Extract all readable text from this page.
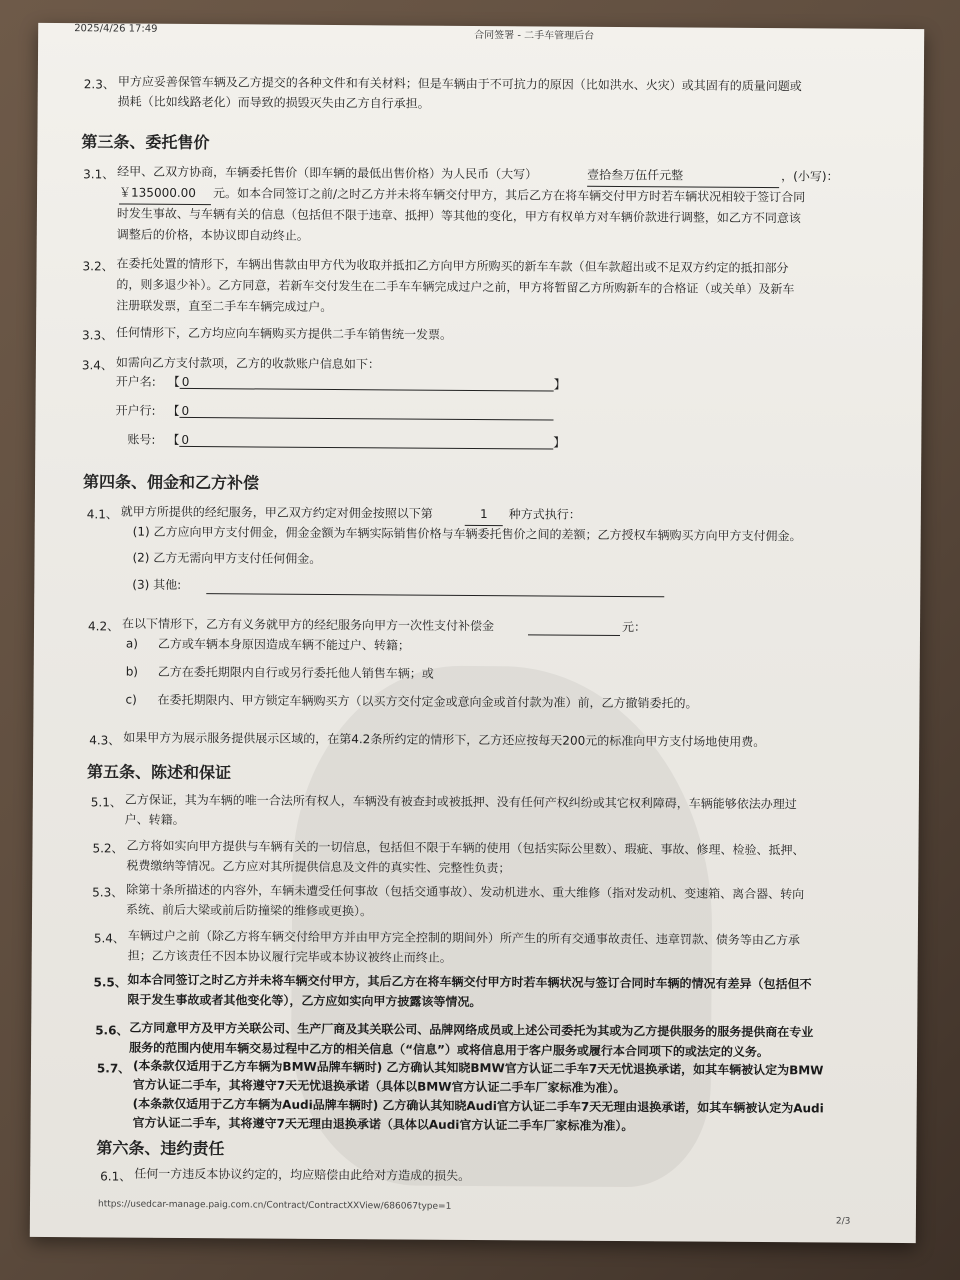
2025/4/26 17:49
合同签署 - 二手车管理后台
2.3、 甲方应妥善保管车辆及乙方提交的各种文件和有关材料；但是车辆由于不可抗力的原因（比如洪水、火灾）或其固有的质量问题或
损耗（比如线路老化）而导致的损毁灭失由乙方自行承担。
第三条、委托售价
3.1、 经甲、乙双方协商，车辆委托售价（即车辆的最低出售价格）为人民币（大写）	壹拾叁万伍仟元整	，(小写)：
￥135000.00	元。如本合同签订之前/之时乙方并未将车辆交付甲方，其后乙方在将车辆交付甲方时若车辆状况相较于签订合同
时发生事故、与车辆有关的信息（包括但不限于违章、抵押）等其他的变化，甲方有权单方对车辆价款进行调整，如乙方不同意该
调整后的价格，本协议即自动终止。
3.2、 在委托处置的情形下，车辆出售款由甲方代为收取并抵扣乙方向甲方所购买的新车车款（但车款超出或不足双方约定的抵扣部分
的，则多退少补）。乙方同意，若新车交付发生在二手车车辆完成过户之前，甲方将暂留乙方所购新车的合格证（或关单）及新车
注册联发票，直至二手车车辆完成过户。
3.3、 任何情形下，乙方均应向车辆购买方提供二手车销售统一发票。
3.4、 如需向乙方支付款项，乙方的收款账户信息如下：
开户名: 【 0	】
开户行: 【 0
账号: 【 0	】
第四条、佣金和乙方补偿
4.1、 就甲方所提供的经纪服务，甲乙双方约定对佣金按照以下第	1	种方式执行：
(1) 乙方应向甲方支付佣金，佣金金额为车辆实际销售价格与车辆委托售价之间的差额；乙方授权车辆购买方向甲方支付佣金。
(2) 乙方无需向甲方支付任何佣金。
(3) 其他:
4.2、 在以下情形下，乙方有义务就甲方的经纪服务向甲方一次性支付补偿金	元：
a) 乙方或车辆本身原因造成车辆不能过户、转籍；
b) 乙方在委托期限内自行或另行委托他人销售车辆；或
c) 在委托期限内、甲方锁定车辆购买方（以买方交付定金或意向金或首付款为准）前，乙方撤销委托的。
4.3、 如果甲方为展示服务提供展示区域的，在第4.2条所约定的情形下，乙方还应按每天200元的标准向甲方支付场地使用费。
第五条、陈述和保证
5.1、 乙方保证，其为车辆的唯一合法所有权人，车辆没有被查封或被抵押、没有任何产权纠纷或其它权利障碍，车辆能够依法办理过
户、转籍。
5.2、 乙方将如实向甲方提供与车辆有关的一切信息，包括但不限于车辆的使用（包括实际公里数）、瑕疵、事故、修理、检验、抵押、
税费缴纳等情况。乙方应对其所提供信息及文件的真实性、完整性负责；
5.3、 除第十条所描述的内容外，车辆未遭受任何事故（包括交通事故）、发动机进水、重大维修（指对发动机、变速箱、离合器、转向
系统、前后大梁或前后防撞梁的维修或更换）。
5.4、 车辆过户之前（除乙方将车辆交付给甲方并由甲方完全控制的期间外）所产生的所有交通事故责任、违章罚款、债务等由乙方承
担；乙方该责任不因本协议履行完毕或本协议被终止而终止。
5.5、 如本合同签订之时乙方并未将车辆交付甲方，其后乙方在将车辆交付甲方时若车辆状况与签订合同时车辆的情况有差异（包括但不
限于发生事故或者其他变化等），乙方应如实向甲方披露该等情况。
5.6、 乙方同意甲方及甲方关联公司、生产厂商及其关联公司、品牌网络成员或上述公司委托为其或为乙方提供服务的服务提供商在专业
服务的范围内使用车辆交易过程中乙方的相关信息（“信息”）或将信息用于客户服务或履行本合同项下的或法定的义务。
5.7、 (本条款仅适用于乙方车辆为BMW品牌车辆时) 乙方确认其知晓BMW官方认证二手车7天无忧退换承诺，如其车辆被认定为BMW
官方认证二手车，其将遵守7天无忧退换承诺（具体以BMW官方认证二手车厂家标准为准）。
(本条款仅适用于乙方车辆为Audi品牌车辆时) 乙方确认其知晓Audi官方认证二手车7天无理由退换承诺，如其车辆被认定为Audi
官方认证二手车，其将遵守7天无理由退换承诺（具体以Audi官方认证二手车厂家标准为准）。
第六条、违约责任
6.1、 任何一方违反本协议约定的，均应赔偿由此给对方造成的损失。
https://usedcar-manage.paig.com.cn/Contract/ContractXXView/686067type=1
2/3
